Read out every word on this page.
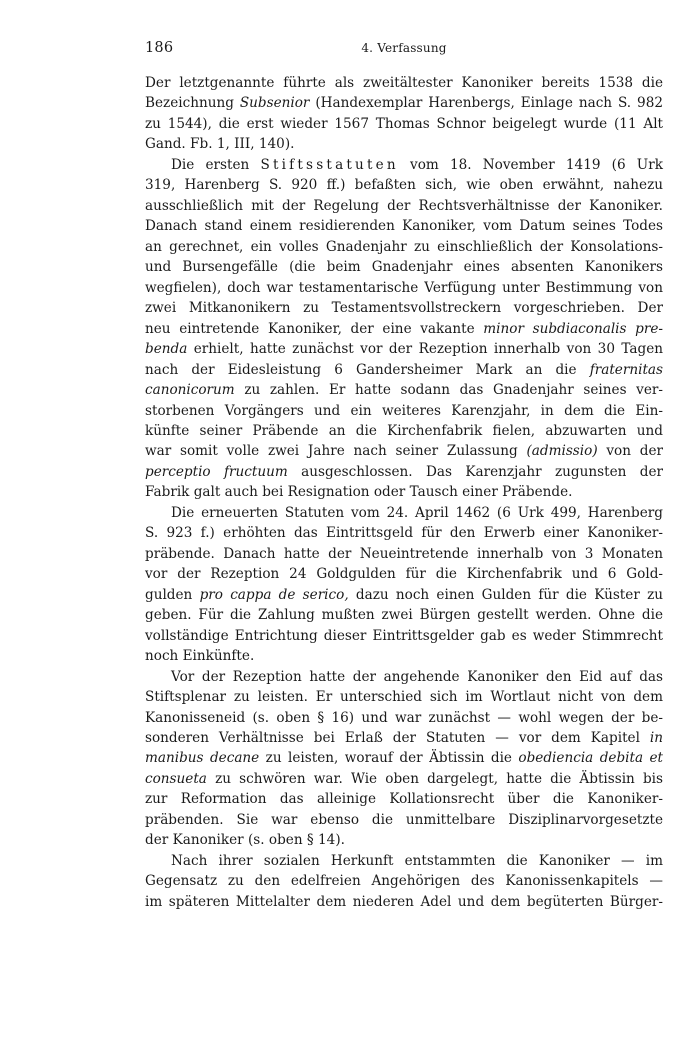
186	4. Verfassung
Der letztgenannte führte als zweitältester Kanoniker bereits 1538 die
Bezeichnung Subsenior (Handexemplar Harenbergs, Einlage nach S. 982
zu 1544), die erst wieder 1567 Thomas Schnor beigelegt wurde (11 Alt
Gand. Fb. 1, III, 140).
Die ersten Stiftsstatuten vom 18. November 1419 (6 Urk
319, Harenberg S. 920 ff.) befaßten sich, wie oben erwähnt, nahezu
ausschließlich mit der Regelung der Rechtsverhältnisse der Kanoniker.
Danach stand einem residierenden Kanoniker, vom Datum seines Todes
an gerechnet, ein volles Gnadenjahr zu einschließlich der Konsolations-
und Bursengefälle (die beim Gnadenjahr eines absenten Kanonikers
wegfielen), doch war testamentarische Verfügung unter Bestimmung von
zwei Mitkanonikern zu Testamentsvollstreckern vorgeschrieben. Der
neu eintretende Kanoniker, der eine vakante minor subdiaconalis pre-
benda erhielt, hatte zunächst vor der Rezeption innerhalb von 30 Tagen
nach der Eidesleistung 6 Gandersheimer Mark an die fraternitas
canonicorum zu zahlen. Er hatte sodann das Gnadenjahr seines ver-
storbenen Vorgängers und ein weiteres Karenzjahr, in dem die Ein-
künfte seiner Präbende an die Kirchenfabrik fielen, abzuwarten und
war somit volle zwei Jahre nach seiner Zulassung (admissio) von der
perceptio fructuum ausgeschlossen. Das Karenzjahr zugunsten der
Fabrik galt auch bei Resignation oder Tausch einer Präbende.
Die erneuerten Statuten vom 24. April 1462 (6 Urk 499, Harenberg
S. 923 f.) erhöhten das Eintrittsgeld für den Erwerb einer Kanoniker-
präbende. Danach hatte der Neueintretende innerhalb von 3 Monaten
vor der Rezeption 24 Goldgulden für die Kirchenfabrik und 6 Gold-
gulden pro cappa de serico, dazu noch einen Gulden für die Küster zu
geben. Für die Zahlung mußten zwei Bürgen gestellt werden. Ohne die
vollständige Entrichtung dieser Eintrittsgelder gab es weder Stimmrecht
noch Einkünfte.
Vor der Rezeption hatte der angehende Kanoniker den Eid auf das
Stiftsplenar zu leisten. Er unterschied sich im Wortlaut nicht von dem
Kanonisseneid (s. oben § 16) und war zunächst — wohl wegen der be-
sonderen Verhältnisse bei Erlaß der Statuten — vor dem Kapitel in
manibus decane zu leisten, worauf der Äbtissin die obediencia debita et
consueta zu schwören war. Wie oben dargelegt, hatte die Äbtissin bis
zur Reformation das alleinige Kollationsrecht über die Kanoniker-
präbenden. Sie war ebenso die unmittelbare Disziplinarvorgesetzte
der Kanoniker (s. oben § 14).
Nach ihrer sozialen Herkunft entstammten die Kanoniker — im
Gegensatz zu den edelfreien Angehörigen des Kanonissenkapitels —
im späteren Mittelalter dem niederen Adel und dem begüterten Bürger-
